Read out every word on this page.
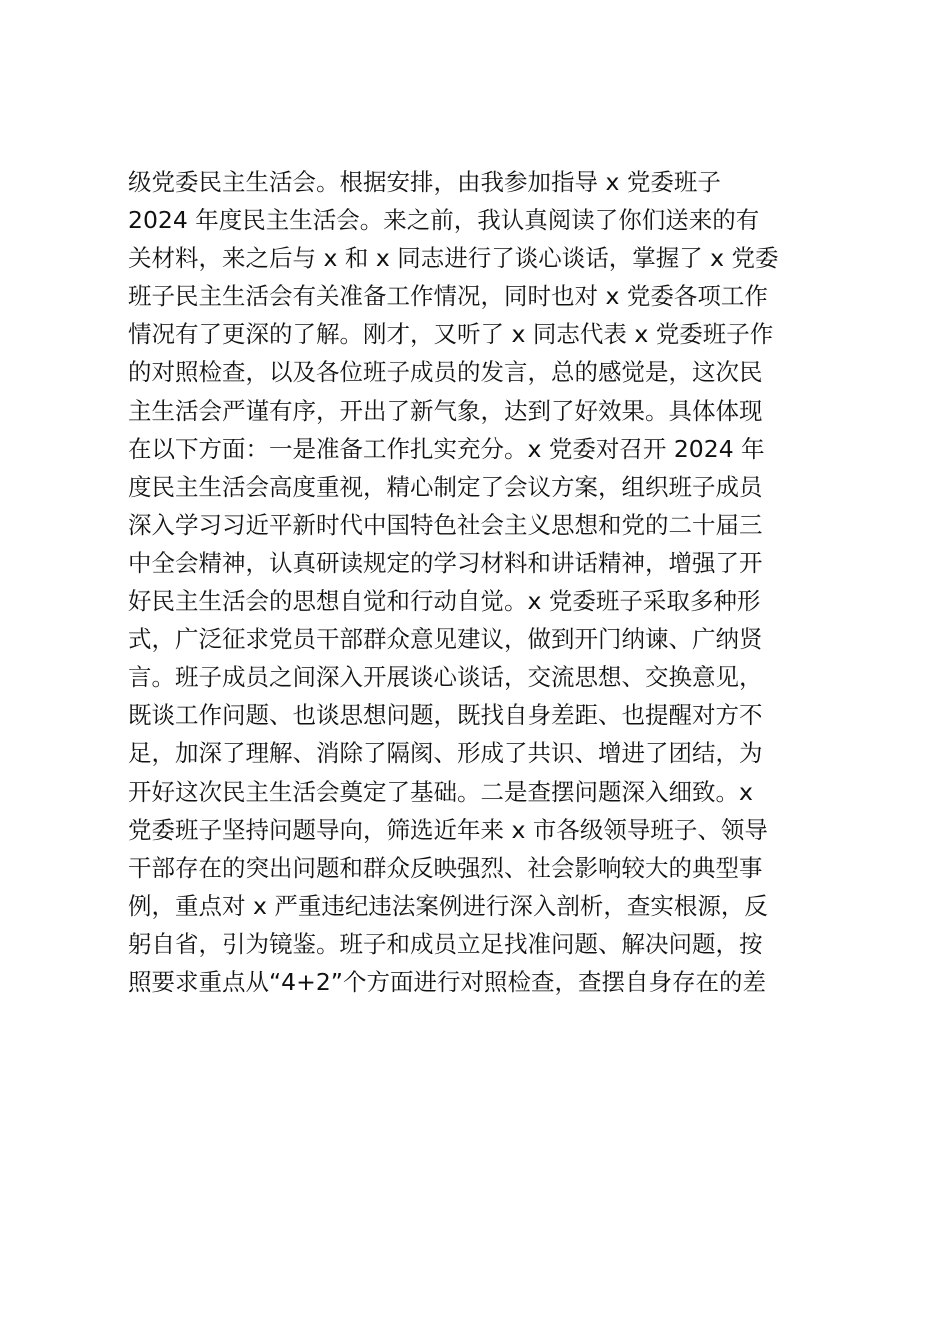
级党委民主生活会。根据安排，由我参加指导 x 党委班子
2024 年度民主生活会。来之前，我认真阅读了你们送来的有
关材料，来之后与 x 和 x 同志进行了谈心谈话，掌握了 x 党委
班子民主生活会有关准备工作情况，同时也对 x 党委各项工作
情况有了更深的了解。刚才，又听了 x 同志代表 x 党委班子作
的对照检查，以及各位班子成员的发言，总的感觉是，这次民
主生活会严谨有序，开出了新气象，达到了好效果。具体体现
在以下方面：一是准备工作扎实充分。x 党委对召开 2024 年
度民主生活会高度重视，精心制定了会议方案，组织班子成员
深入学习习近平新时代中国特色社会主义思想和党的二十届三
中全会精神，认真研读规定的学习材料和讲话精神，增强了开
好民主生活会的思想自觉和行动自觉。x 党委班子采取多种形
式，广泛征求党员干部群众意见建议，做到开门纳谏、广纳贤
言。班子成员之间深入开展谈心谈话，交流思想、交换意见，
既谈工作问题、也谈思想问题，既找自身差距、也提醒对方不
足，加深了理解、消除了隔阂、形成了共识、增进了团结，为
开好这次民主生活会奠定了基础。二是查摆问题深入细致。x
党委班子坚持问题导向，筛选近年来 x 市各级领导班子、领导
干部存在的突出问题和群众反映强烈、社会影响较大的典型事
例，重点对 x 严重违纪违法案例进行深入剖析，查实根源，反
躬自省，引为镜鉴。班子和成员立足找准问题、解决问题，按
照要求重点从“4+2”个方面进行对照检查，查摆自身存在的差
